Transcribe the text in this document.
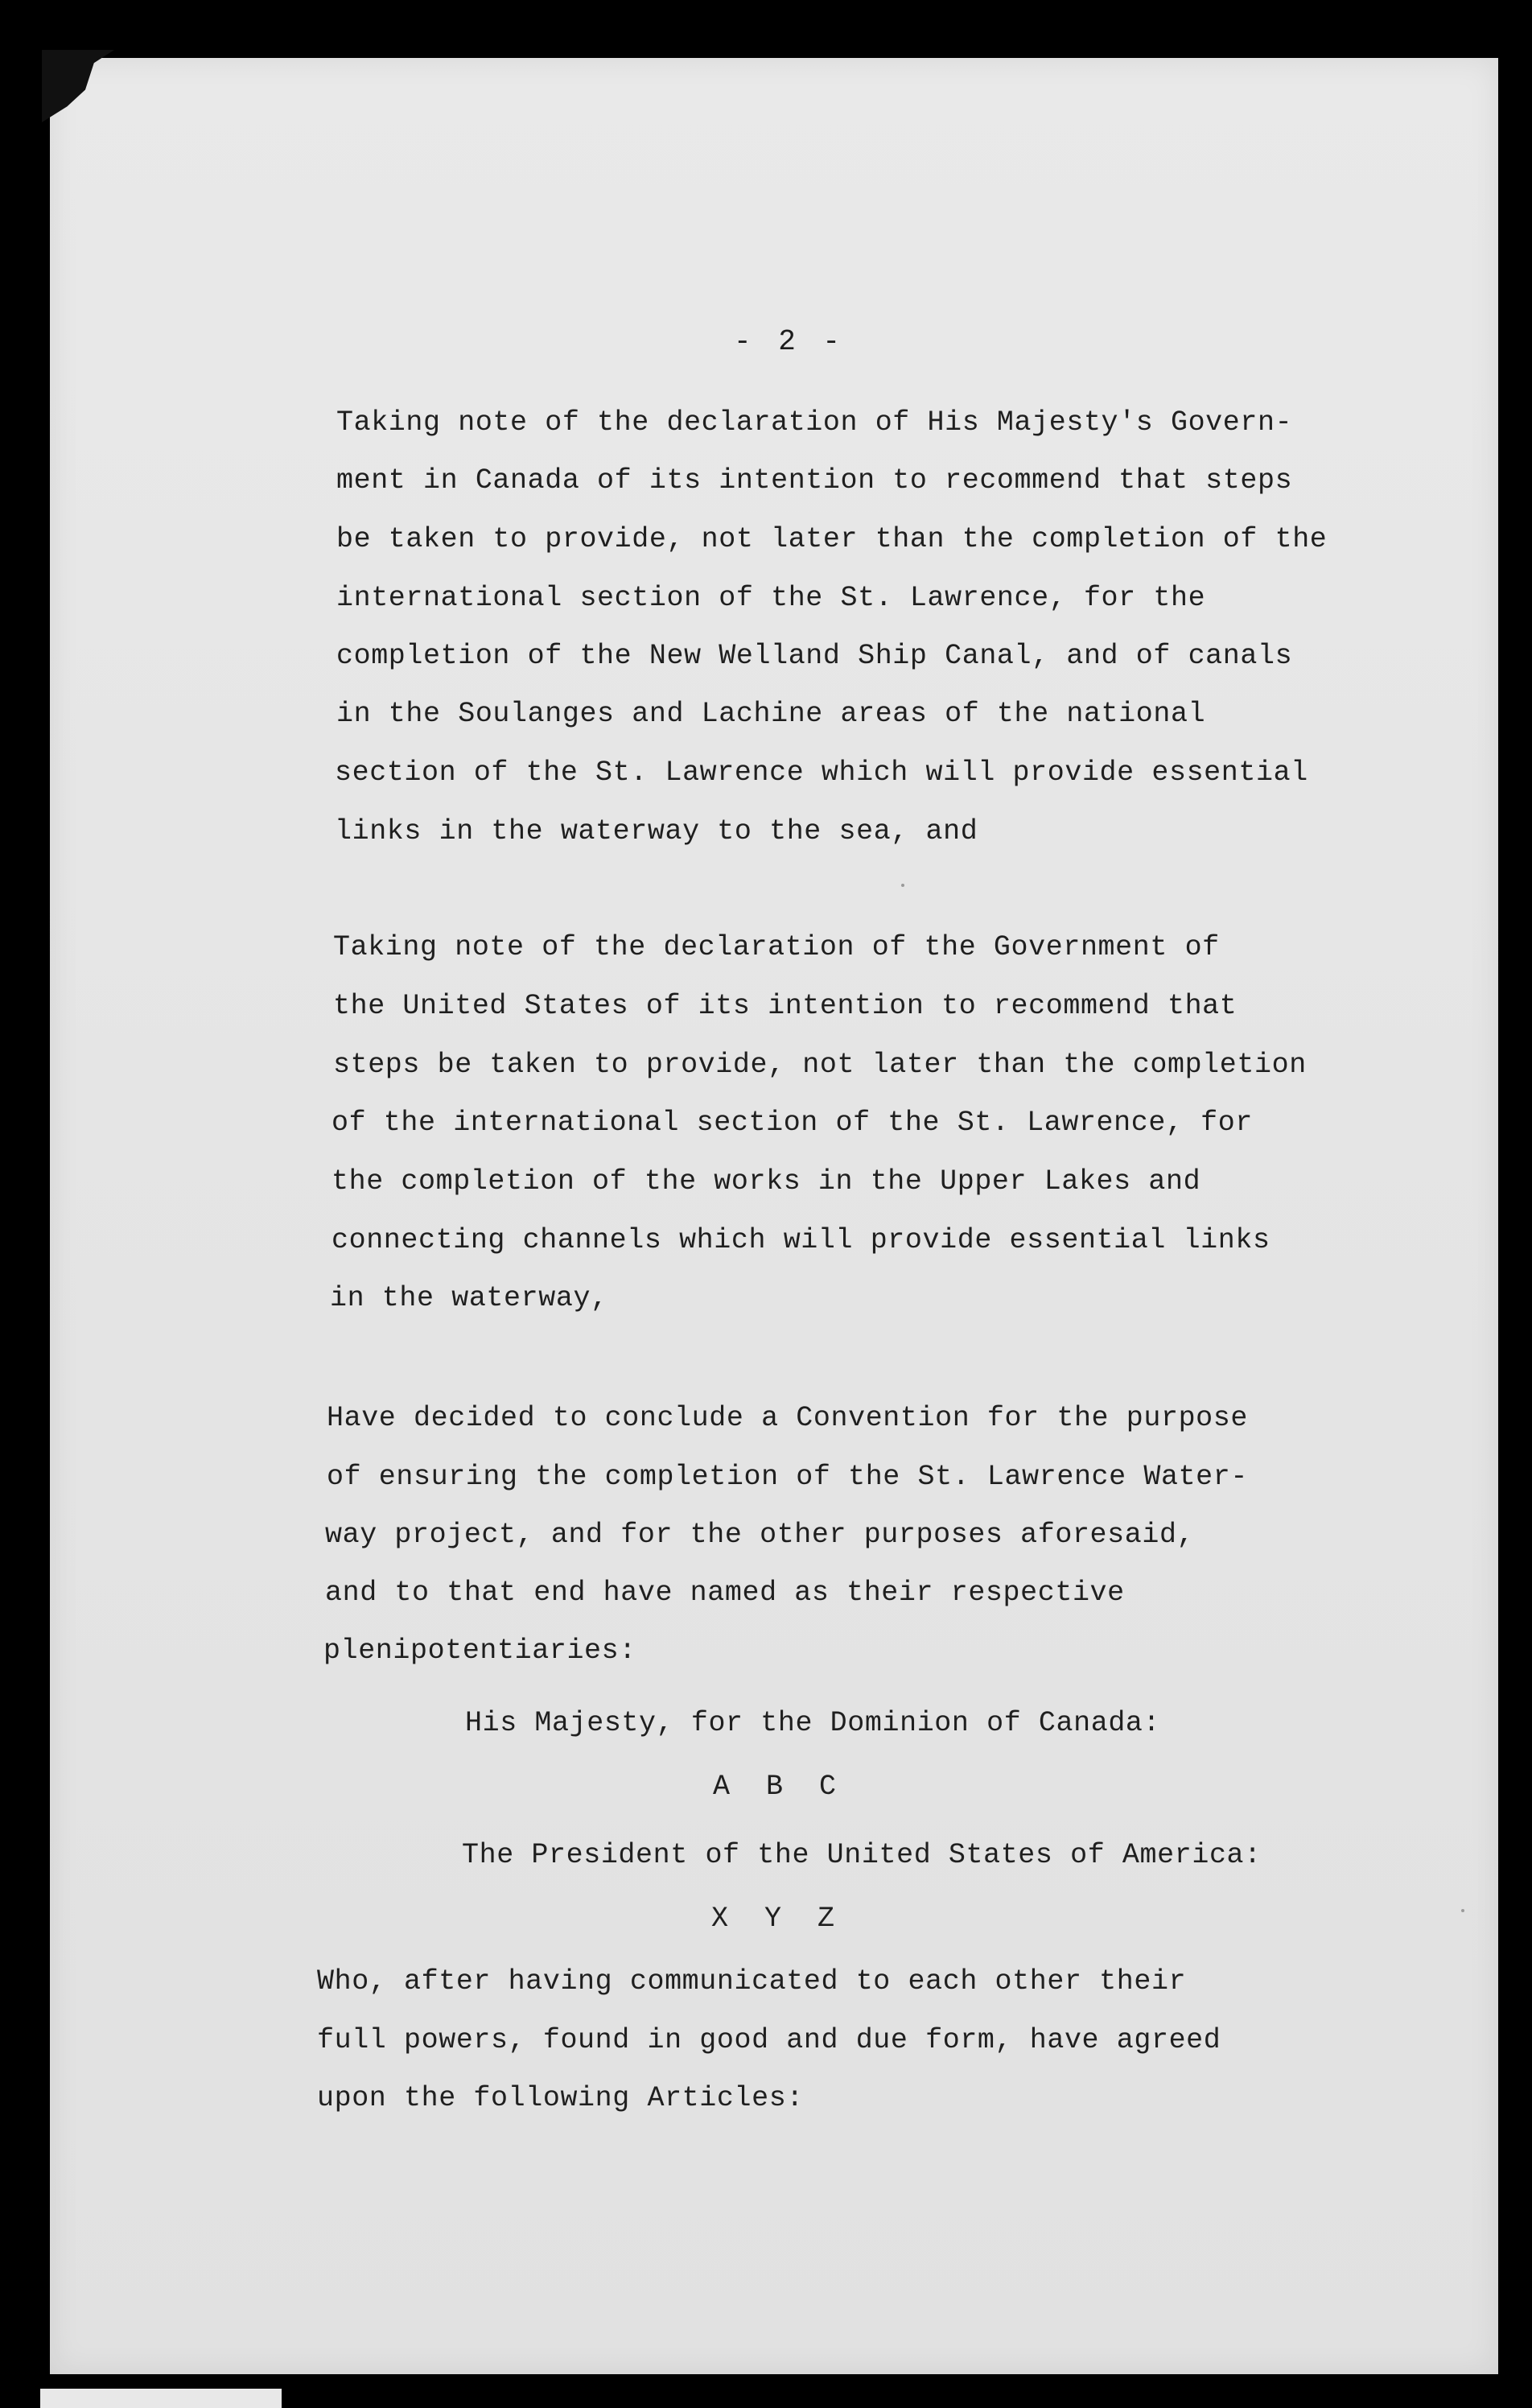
- 2 -
Taking note of the declaration of His Majesty's Govern-
ment in Canada of its intention to recommend that steps
be taken to provide, not later than the completion of the
international section of the St. Lawrence, for the
completion of the New Welland Ship Canal, and of canals
in the Soulanges and Lachine areas of the national
section of the St. Lawrence which will provide essential
links in the waterway to the sea, and
Taking note of the declaration of the Government of
the United States of its intention to recommend that
steps be taken to provide, not later than the completion
of the international section of the St. Lawrence, for
the completion of the works in the Upper Lakes and
connecting channels which will provide essential links
in the waterway,
Have decided to conclude a Convention for the purpose
of ensuring the completion of the St. Lawrence Water-
way project, and for the other purposes aforesaid,
and to that end have named as their respective
plenipotentiaries:
His Majesty, for the Dominion of Canada:
A B C
The President of the United States of America:
X Y Z
Who, after having communicated to each other their
full powers, found in good and due form, have agreed
upon the following Articles:
